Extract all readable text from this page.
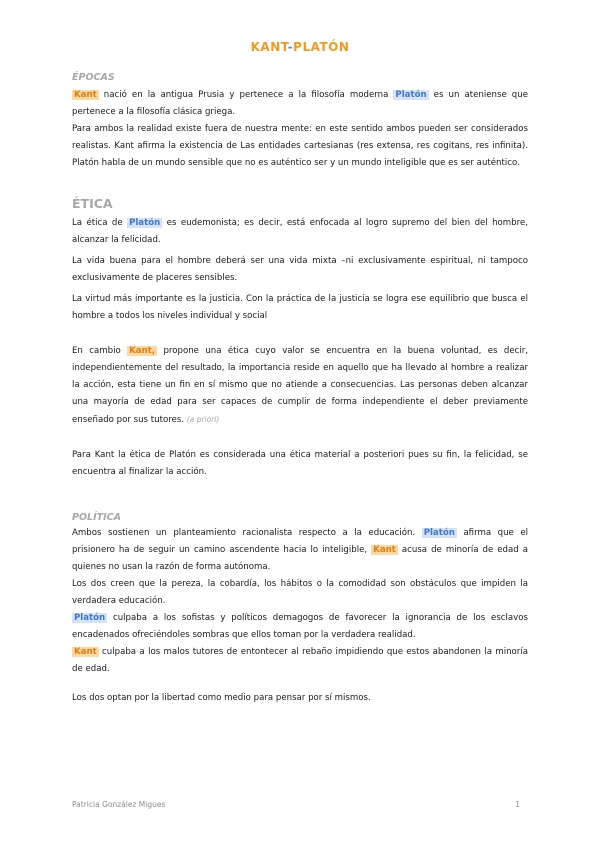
KANT-PLATÓN
ÉPOCAS

Kant nació en la antigua Prusia y pertenece a la filosofía moderna Platón es un ateniense que pertenece a la filosofía clásica griega.

Para ambos la realidad existe fuera de nuestra mente: en este sentido ambos pueden ser considerados realistas. Kant afirma la existencia de Las entidades cartesianas (res extensa, res cogitans, res infinita). Platón habla de un mundo sensible que no es auténtico ser y un mundo inteligible que es ser auténtico.

ÉTICA

La ética de Platón es eudemonista; es decir, está enfocada al logro supremo del bien del hombre, alcanzar la felicidad.

La vida buena para el hombre deberá ser una vida mixta –ni exclusivamente espiritual, ni tampoco exclusivamente de placeres sensibles.

La virtud más importante es la justicia. Con la práctica de la justicia se logra ese equilibrio que busca el hombre a todos los niveles individual y social

En cambio Kant, propone una ética cuyo valor se encuentra en la buena voluntad, es decir, independientemente del resultado, la importancia reside en aquello que ha llevado al hombre a realizar la acción, esta tiene un fin en sí mismo que no atiende a consecuencias. Las personas deben alcanzar una mayoría de edad para ser capaces de cumplir de forma independiente el deber previamente enseñado por sus tutores. (a priori)

Para Kant la ética de Platón es considerada una ética material a posteriori pues su fin, la felicidad, se encuentra al finalizar la acción.

POLÍTICA

Ambos sostienen un planteamiento racionalista respecto a la educación. Platón afirma que el prisionero ha de seguir un camino ascendente hacia lo inteligible, Kant acusa de minoría de edad a quienes no usan la razón de forma autónoma.

Los dos creen que la pereza, la cobardía, los hábitos o la comodidad son obstáculos que impiden la verdadera educación.

Platón culpaba a los sofistas y políticos demagogos de favorecer la ignorancia de los esclavos encadenados ofreciéndoles sombras que ellos toman por la verdadera realidad.

Kant culpaba a los malos tutores de entontecer al rebaño impidiendo que estos abandonen la minoría de edad.

Los dos optan por la libertad como medio para pensar por sí mismos.

Patricia González Migues	1
